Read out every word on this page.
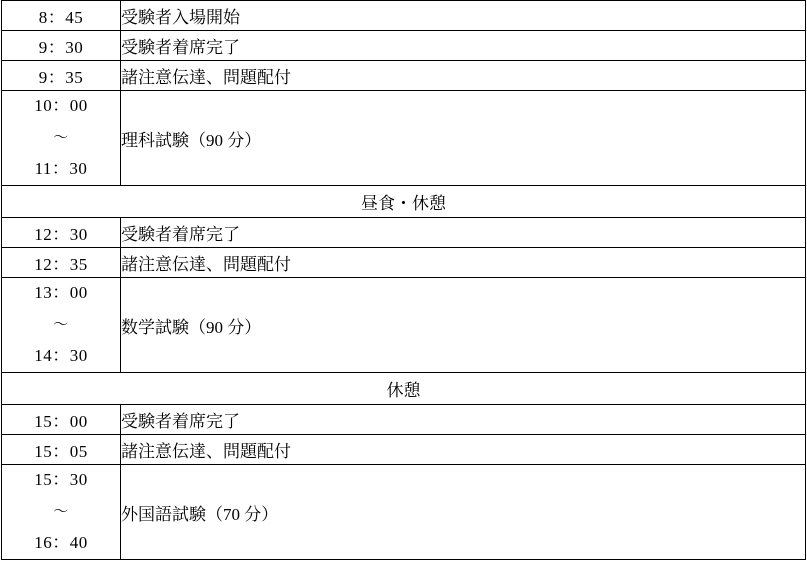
8：45	受験者入場開始
9：30	受験者着席完了
9：35	諸注意伝達、問題配付

10：00
〜
11：30	理科試験（90 分）
昼食・休憩	
12：30	受験者着席完了
12：35	諸注意伝達、問題配付

13：00
〜
14：30	数学試験（90 分）
休憩	
15：00	受験者着席完了
15：05	諸注意伝達、問題配付

15：30
〜
16：40	外国語試験（70 分）
